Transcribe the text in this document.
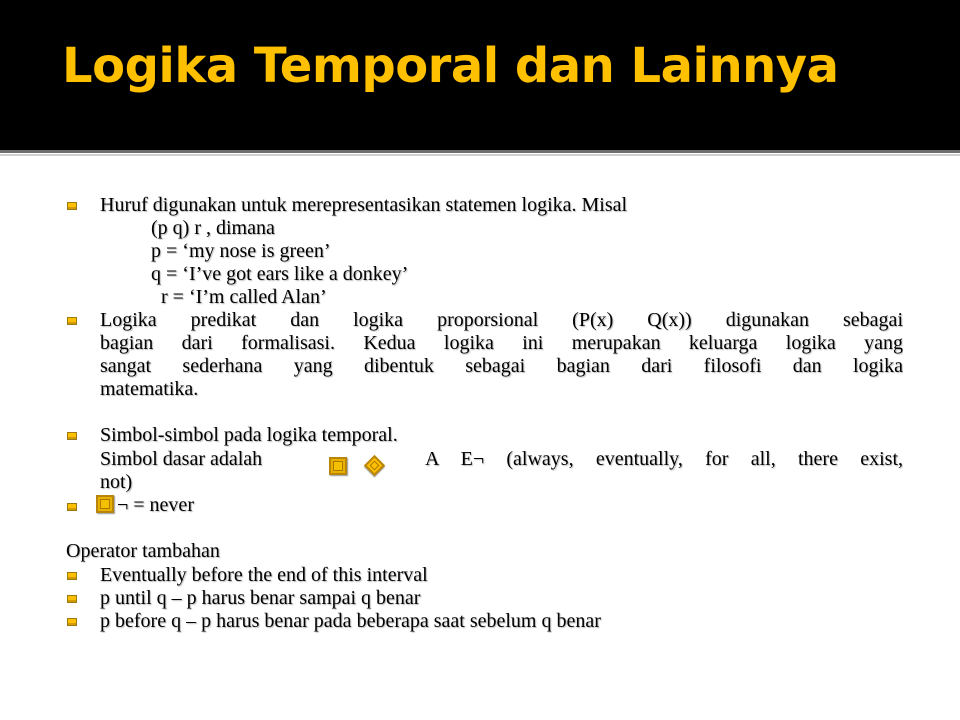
Logika Temporal dan Lainnya
Huruf digunakan untuk merepresentasikan statemen logika. Misal
(p q) r , dimana
p = ‘my nose is green’
q = ‘I’ve got ears like a donkey’
r = ‘I’m called Alan’
Logika predikat dan logika proporsional (P(x) Q(x)) digunakan sebagai
bagian dari formalisasi. Kedua logika ini merupakan keluarga logika yang
sangat sederhana yang dibentuk sebagai bagian dari filosofi dan logika
matematika.
Simbol-simbol pada logika temporal.
Simbol dasar adalah	A E¬ (always, eventually, for all, there exist,
not)
¬ = never
Operator tambahan
Eventually before the end of this interval
p until q – p harus benar sampai q benar
p before q – p harus benar pada beberapa saat sebelum q benar
